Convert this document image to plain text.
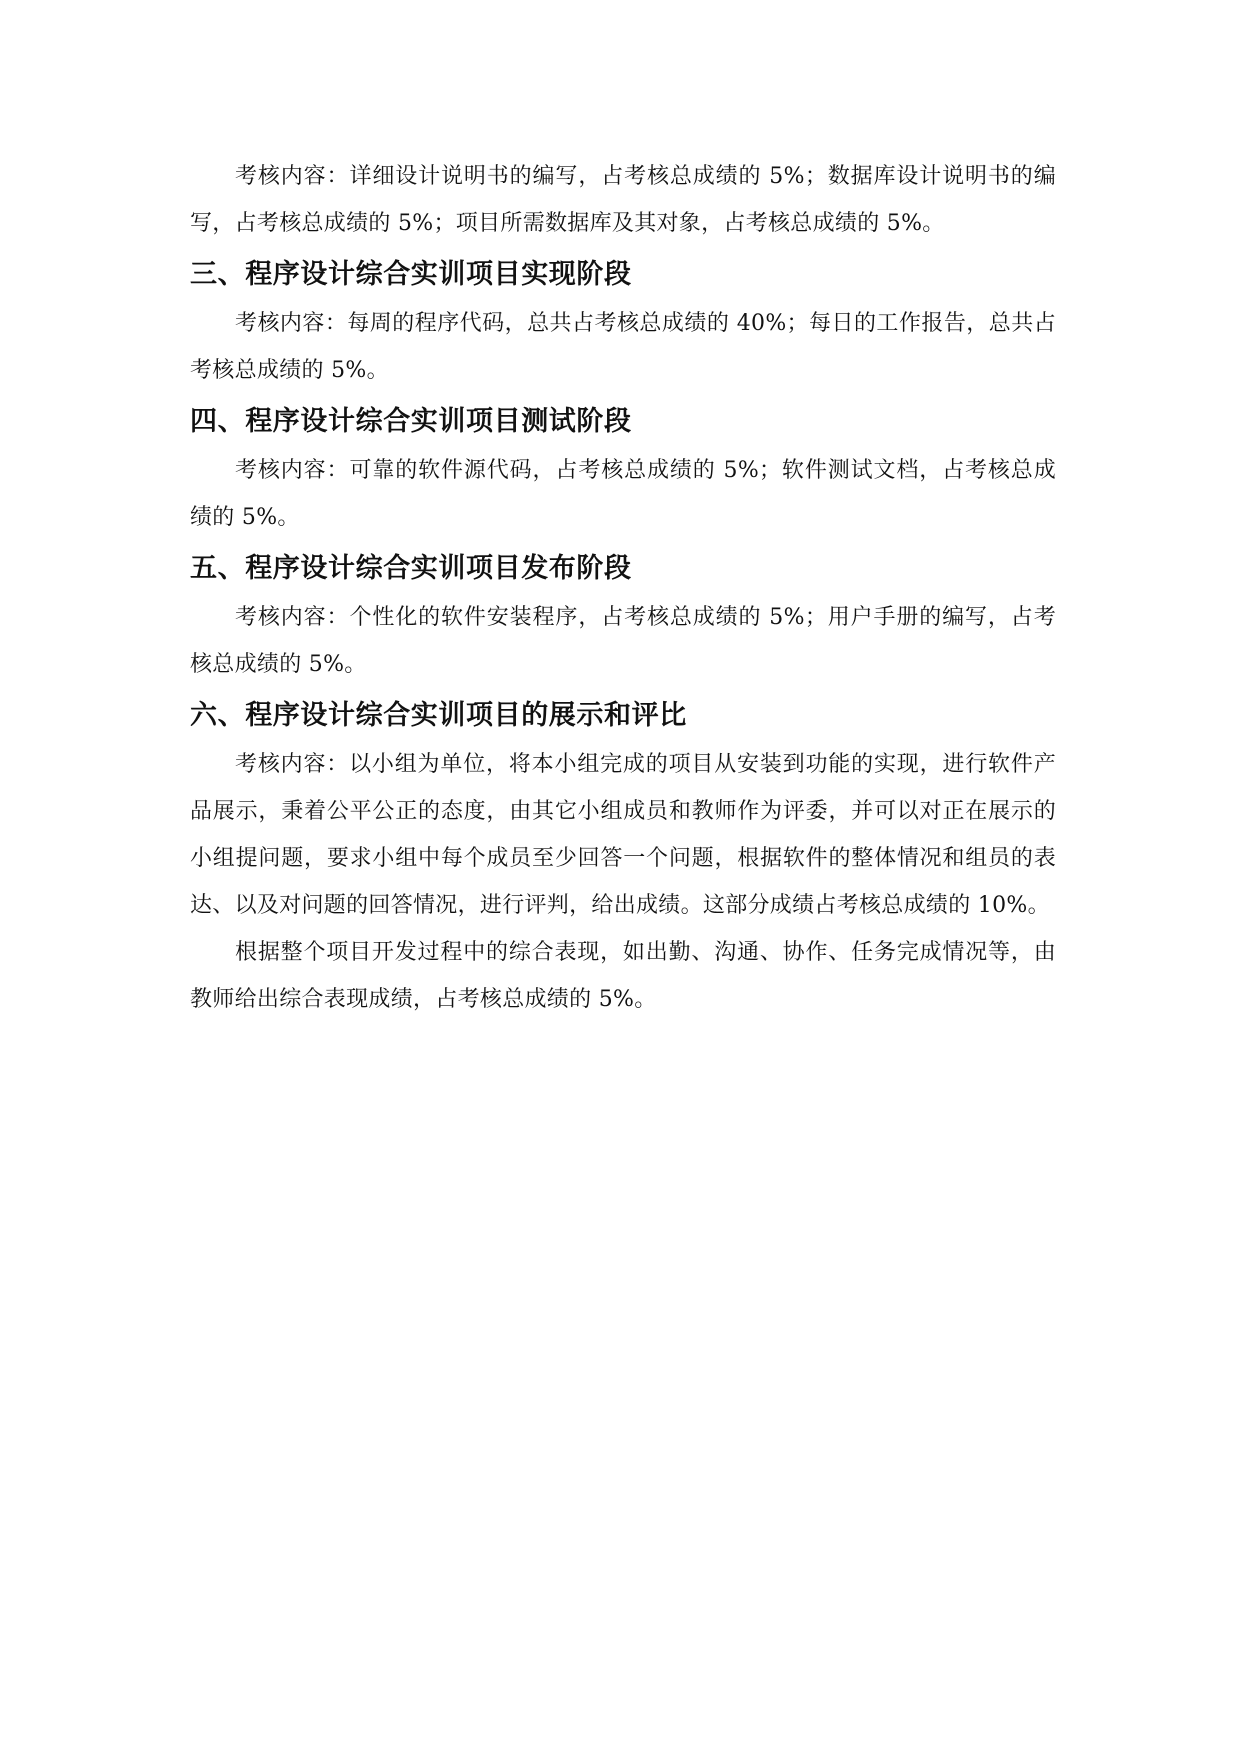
考核内容：详细设计说明书的编写，占考核总成绩的 5%；数据库设计说明书的编写，占考核总成绩的 5%；项目所需数据库及其对象，占考核总成绩的 5%。

三、程序设计综合实训项目实现阶段

考核内容：每周的程序代码，总共占考核总成绩的 40%；每日的工作报告，总共占考核总成绩的 5%。

四、程序设计综合实训项目测试阶段

考核内容：可靠的软件源代码，占考核总成绩的 5%；软件测试文档，占考核总成绩的 5%。

五、程序设计综合实训项目发布阶段

考核内容：个性化的软件安装程序，占考核总成绩的 5%；用户手册的编写，占考核总成绩的 5%。

六、程序设计综合实训项目的展示和评比

考核内容：以小组为单位，将本小组完成的项目从安装到功能的实现，进行软件产品展示，秉着公平公正的态度，由其它小组成员和教师作为评委，并可以对正在展示的小组提问题，要求小组中每个成员至少回答一个问题，根据软件的整体情况和组员的表达、以及对问题的回答情况，进行评判，给出成绩。这部分成绩占考核总成绩的 10%。

根据整个项目开发过程中的综合表现，如出勤、沟通、协作、任务完成情况等，由教师给出综合表现成绩，占考核总成绩的 5%。
